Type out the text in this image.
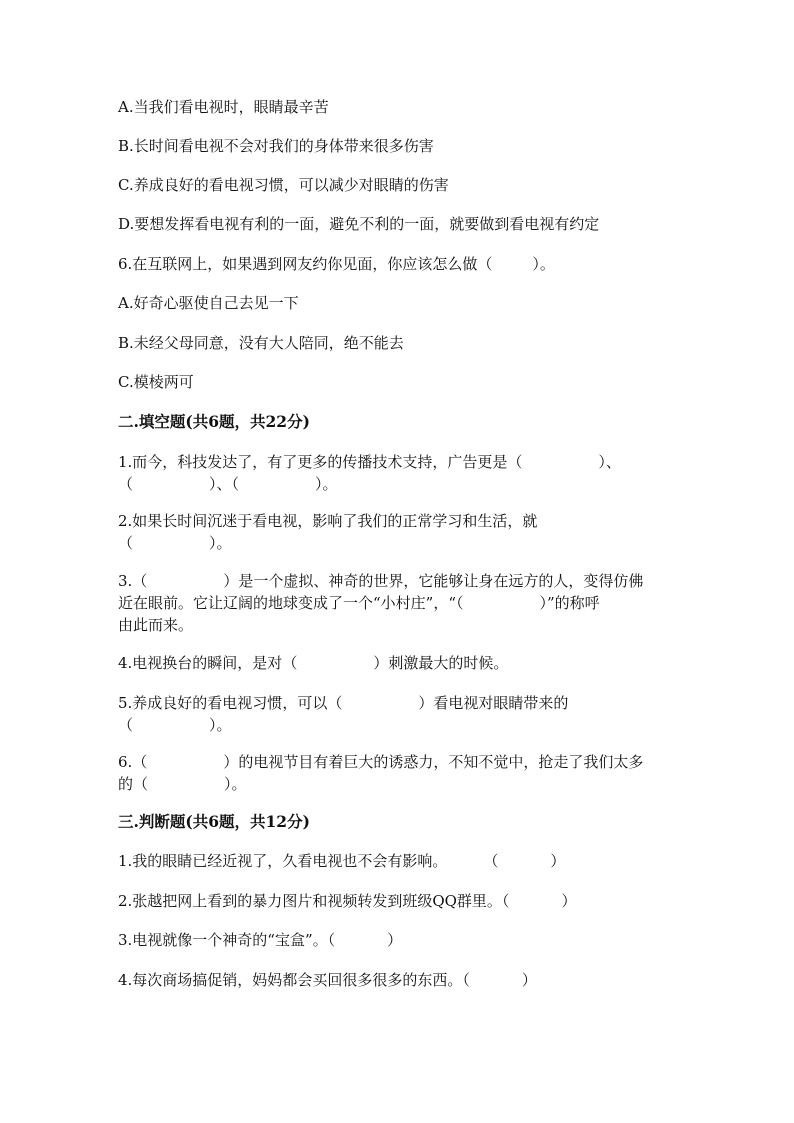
A.当我们看电视时，眼睛最辛苦
B.长时间看电视不会对我们的身体带来很多伤害
C.养成良好的看电视习惯，可以减少对眼睛的伤害
D.要想发挥看电视有利的一面，避免不利的一面，就要做到看电视有约定
6.在互联网上，如果遇到网友约你见面，你应该怎么做（	）。
A.好奇心驱使自己去见一下
B.未经父母同意，没有大人陪同，绝不能去
C.模棱两可
二.填空题(共6题，共22分)
1.而今，科技发达了，有了更多的传播技术支持，广告更是（	）、
（	）、（	）。
2.如果长时间沉迷于看电视，影响了我们的正常学习和生活，就
（	）。
3.（	）是一个虚拟、神奇的世界，它能够让身在远方的人，变得仿佛
近在眼前。它让辽阔的地球变成了一个“小村庄”，“（	）”的称呼
由此而来。
4.电视换台的瞬间，是对（	）刺激最大的时候。
5.养成良好的看电视习惯，可以（	）看电视对眼睛带来的
（	）。
6.（	）的电视节目有着巨大的诱惑力，不知不觉中，抢走了我们太多
的（	）。
三.判断题(共6题，共12分)
1.我的眼睛已经近视了，久看电视也不会有影响。 （	）
2.张越把网上看到的暴力图片和视频转发到班级QQ群里。（	）
3.电视就像一个神奇的“宝盒”。（	）
4.每次商场搞促销，妈妈都会买回很多很多的东西。（	）
